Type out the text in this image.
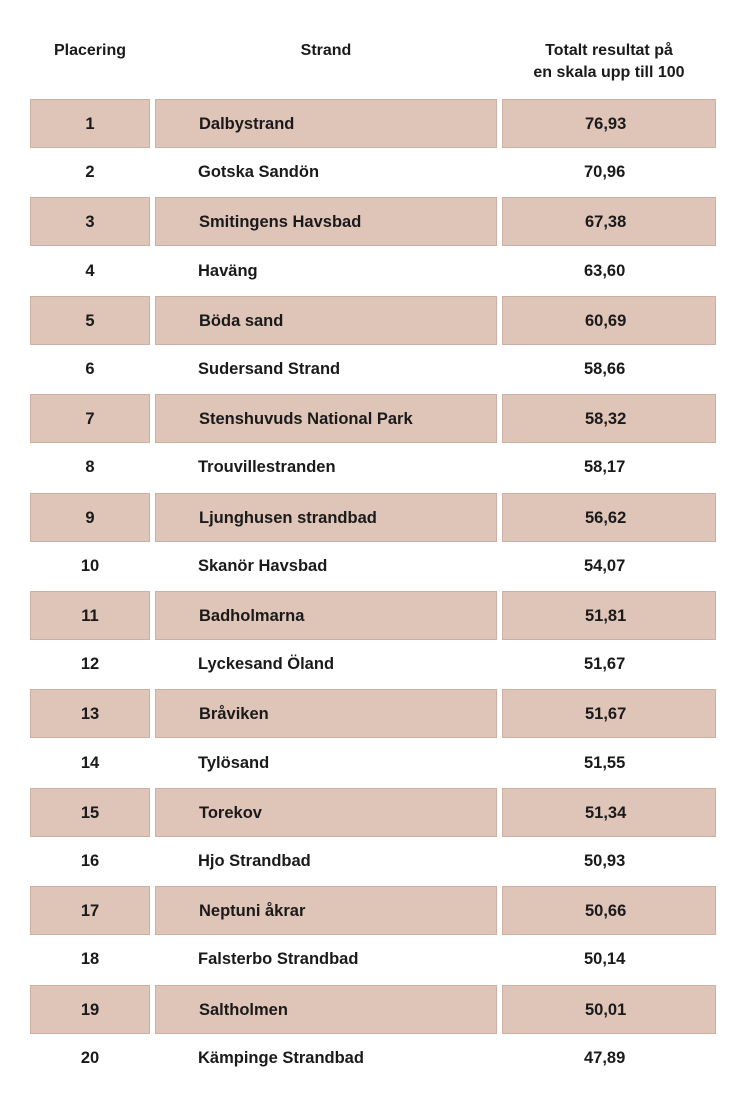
Placering	Strand	Totalt resultat på
en skala upp till 100
1	Dalbystrand	76,93
2	Gotska Sandön	70,96
3	Smitingens Havsbad	67,38
4	Haväng	63,60
5	Böda sand	60,69
6	Sudersand Strand	58,66
7	Stenshuvuds National Park	58,32
8	Trouvillestranden	58,17
9	Ljunghusen strandbad	56,62
10	Skanör Havsbad	54,07
11	Badholmarna	51,81
12	Lyckesand Öland	51,67
13	Bråviken	51,67
14	Tylösand	51,55
15	Torekov	51,34
16	Hjo Strandbad	50,93
17	Neptuni åkrar	50,66
18	Falsterbo Strandbad	50,14
19	Saltholmen	50,01
20	Kämpinge Strandbad	47,89
